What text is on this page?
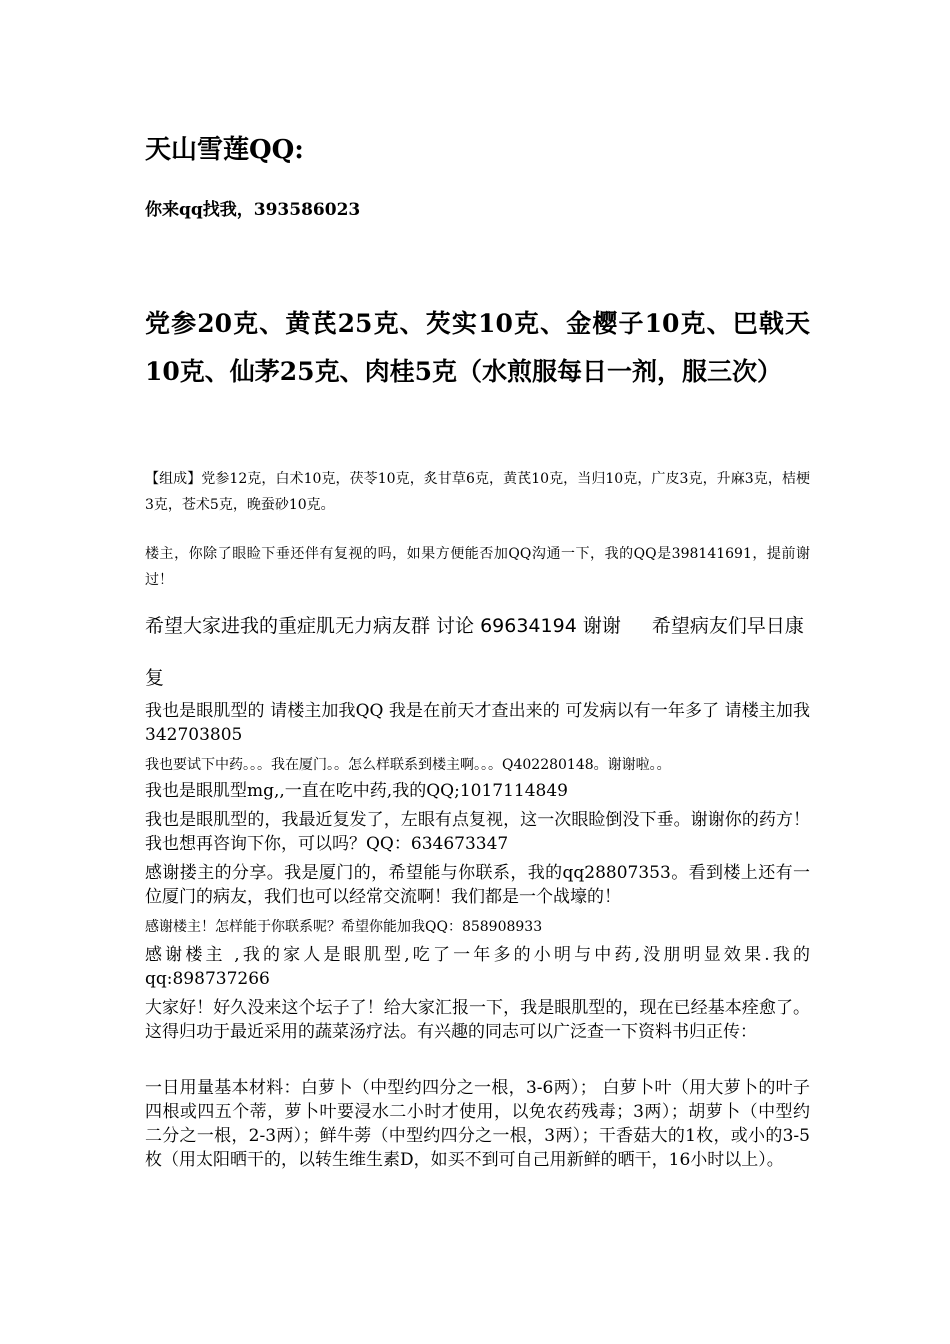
天山雪莲QQ:

你来qq找我，393586023

党参20克、黄芪25克、芡实10克、金樱子10克、巴戟天10克、仙茅25克、肉桂5克（水煎服每日一剂，服三次）

【组成】党参12克，白术10克，茯苓10克，炙甘草6克，黄芪10克，当归10克，广皮3克，升麻3克，桔梗3克，苍术5克，晚蚕砂10克。

楼主，你除了眼睑下垂还伴有复视的吗，如果方便能否加QQ沟通一下，我的QQ是398141691，提前谢过！

希望大家进我的重症肌无力病友群 讨论 69634194 谢谢 　 希望病友们早日康复

我也是眼肌型的 请楼主加我QQ 我是在前天才查出来的 可发病以有一年多了 请楼主加我342703805

我也要试下中药。。。我在厦门。。怎么样联系到楼主啊。。。Q402280148。谢谢啦。。

我也是眼肌型mg,,一直在吃中药,我的QQ;1017114849

我也是眼肌型的，我最近复发了，左眼有点复视，这一次眼睑倒没下垂。谢谢你的药方！我也想再咨询下你，可以吗？QQ：634673347

感谢搂主的分享。我是厦门的，希望能与你联系，我的qq28807353。看到楼上还有一位厦门的病友，我们也可以经常交流啊！我们都是一个战壕的！

感谢楼主！怎样能于你联系呢？希望你能加我QQ：858908933

感谢楼主 ,我的家人是眼肌型,吃了一年多的小明与中药,没朋明显效果.我的qq:898737266

大家好！好久没来这个坛子了！给大家汇报一下，我是眼肌型的，现在已经基本痊愈了。这得归功于最近采用的蔬菜汤疗法。有兴趣的同志可以广泛查一下资料书归正传：

一日用量基本材料：白萝卜（中型约四分之一根，3-6两）； 白萝卜叶（用大萝卜的叶子四根或四五个蒂，萝卜叶要浸水二小时才使用，以免农药残毒；3两）；胡萝卜（中型约二分之一根，2-3两）；鲜牛蒡（中型约四分之一根，3两）；干香菇大的1枚，或小的3-5枚（用太阳晒干的，以转生维生素D，如买不到可自己用新鲜的晒干，16小时以上）。
